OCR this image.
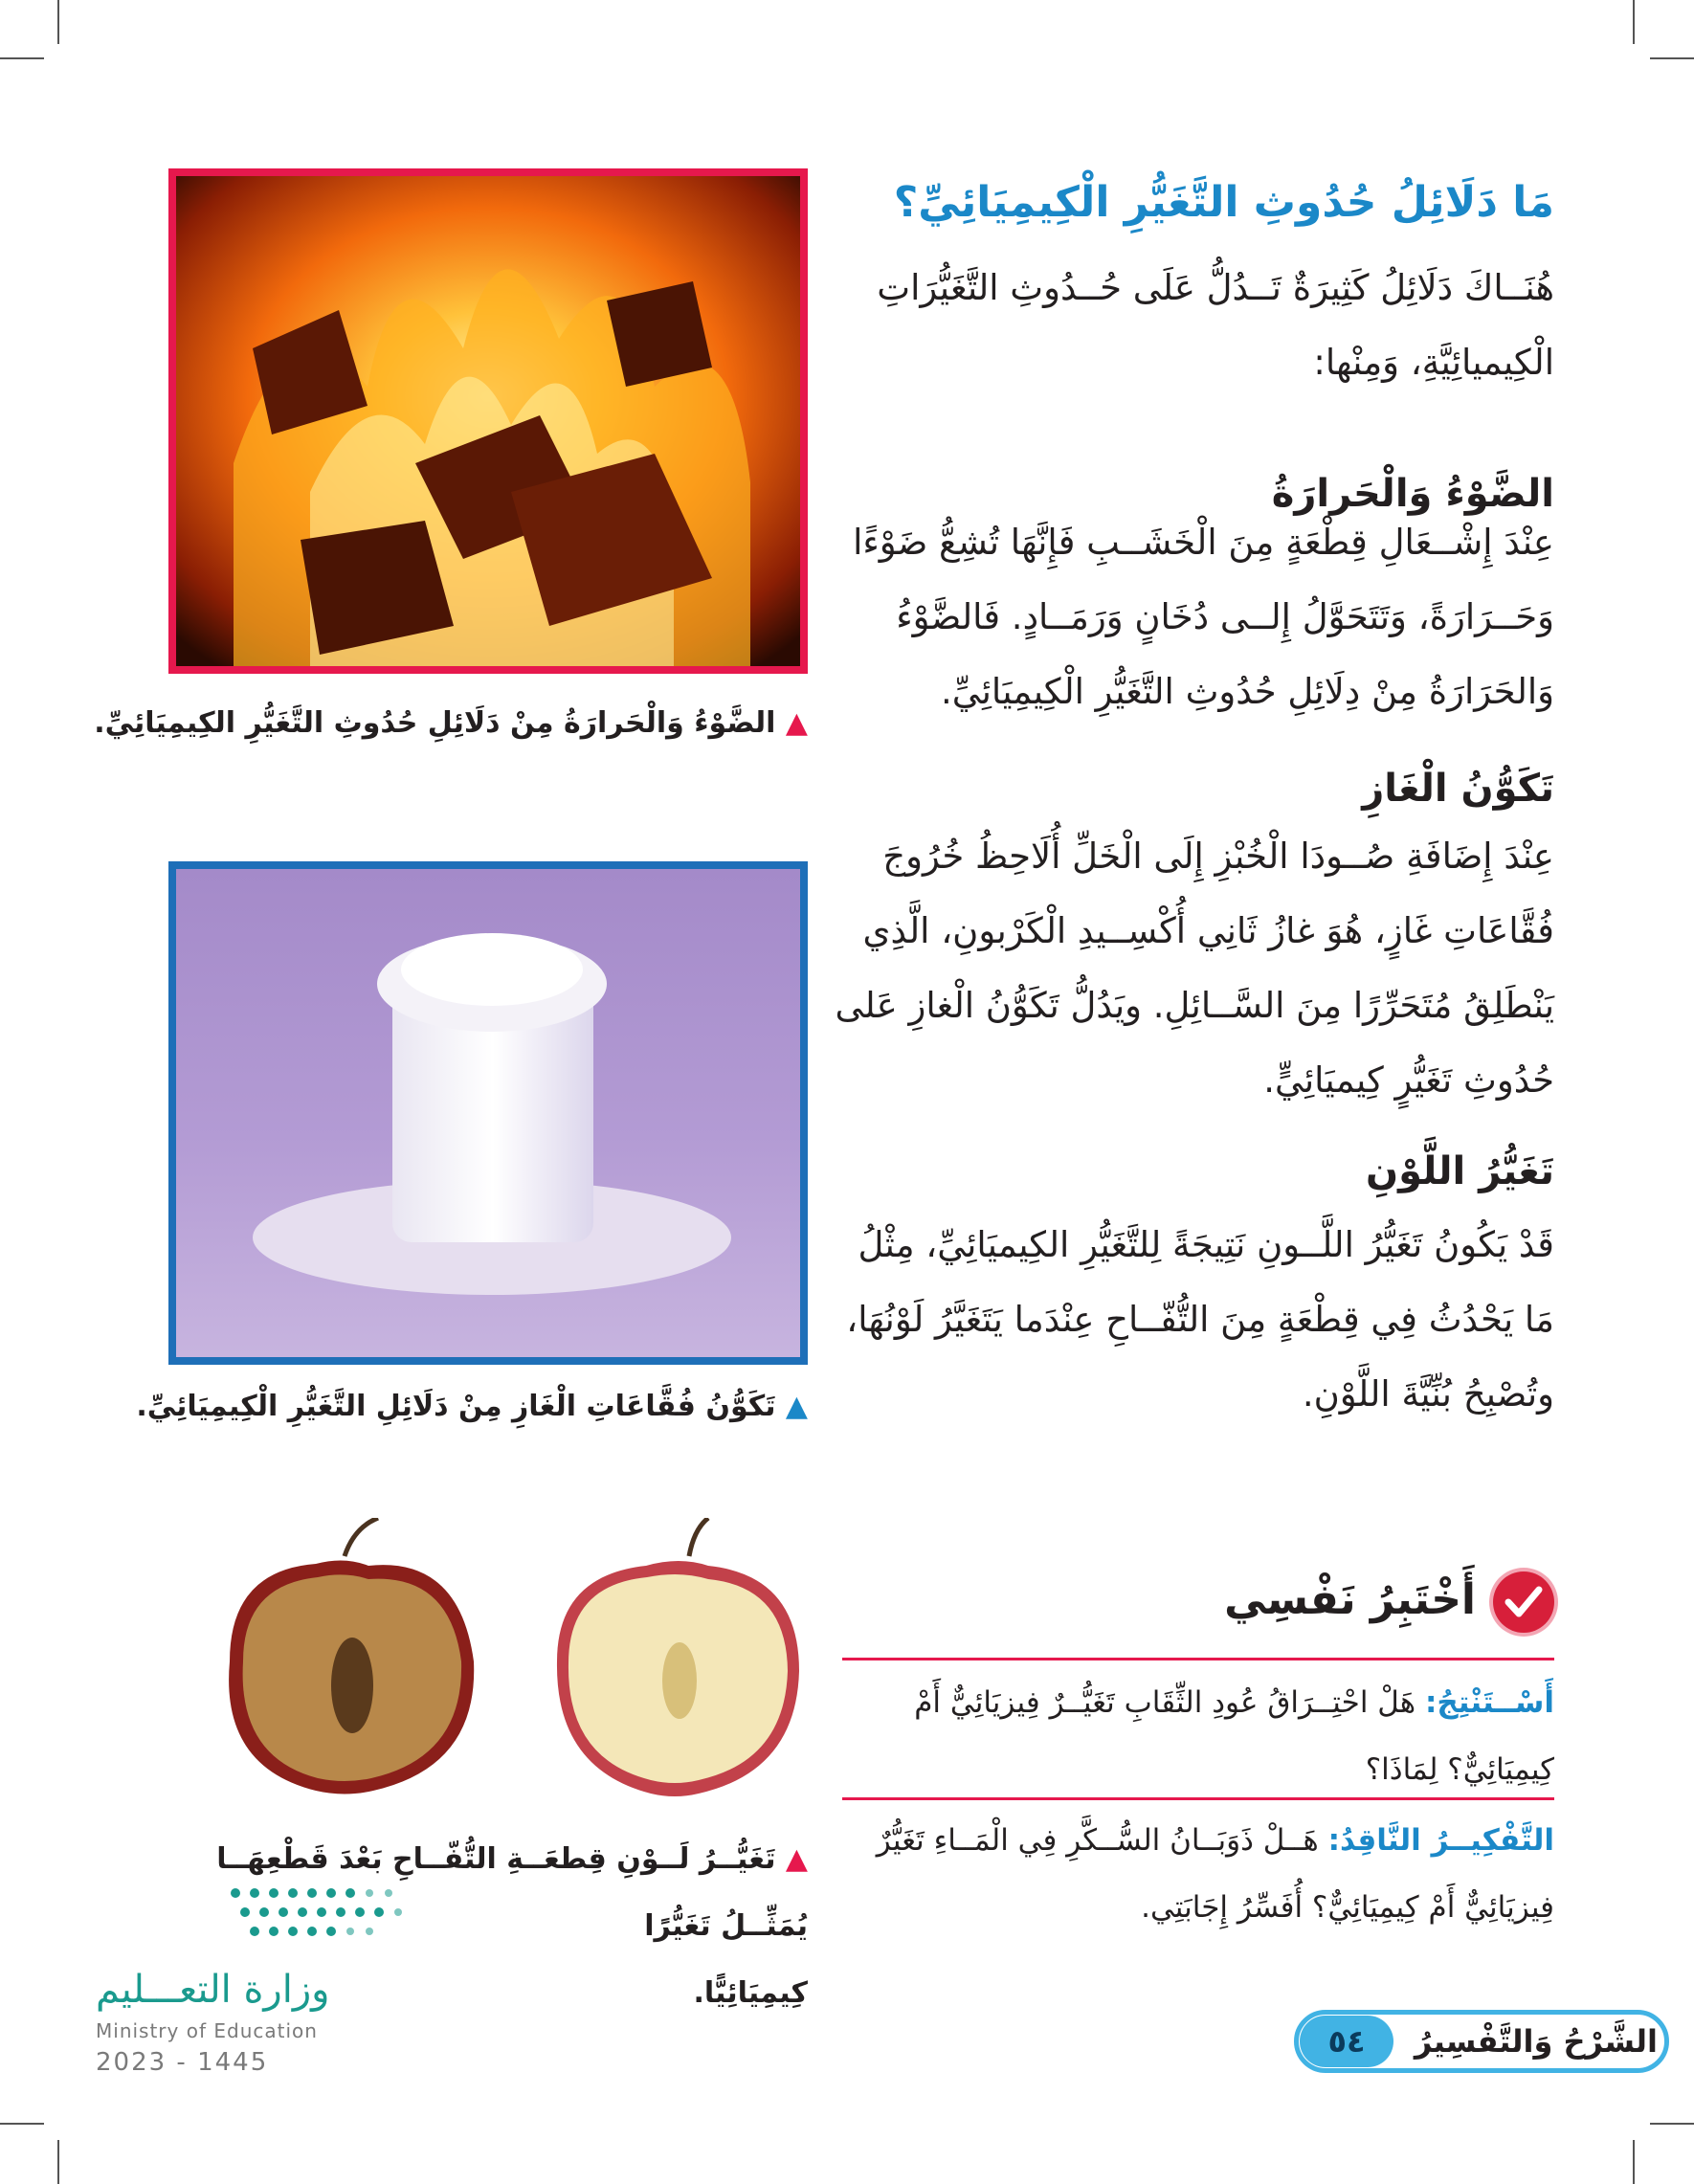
مَا دَلَائِلُ حُدُوثِ التَّغَيُّرِ الْكِيمِيَائِيِّ؟
هُنَــاكَ دَلَائِلُ كَثِيرَةٌ تَــدُلُّ عَلَى حُــدُوثِ التَّغَيُّرَاتِ
الْكِيميائِيَّةِ، وَمِنْها:
الضَّوْءُ وَالْحَرارَةُ
عِنْدَ إِشْــعَالِ قِطْعَةٍ مِنَ الْخَشَــبِ فَإِنَّهَا تُشِعُّ ضَوْءًا
وَحَــرَارَةً، وَتَتَحَوَّلُ إِلــى دُخَانٍ وَرَمَــادٍ. فَالضَّوْءُ
وَالحَرَارَةُ مِنْ دِلَائِلِ حُدُوثِ التَّغَيُّرِ الْكِيمِيَائِيِّ.
تَكَوُّنُ الْغَازِ
عِنْدَ إِضَافَةِ صُــودَا الْخُبْزِ إِلَى الْخَلِّ أُلَاحِظُ خُرُوجَ
فُقَّاعَاتِ غَازٍ، هُوَ غازُ ثَانِي أُكْسِــيدِ الْكَرْبونِ، الَّذِي
يَنْطَلِقُ مُتَحَرِّرًا مِنَ السَّــائِلِ. ويَدُلُّ تَكَوُّنُ الْغازِ عَلى
حُدُوثِ تَغَيُّرٍ كِيميَائِيٍّ.
تَغَيُّرُ اللَّوْنِ
قَدْ يَكُونُ تَغَيُّرُ اللَّــونِ نَتِيجَةً لِلتَّغَيُّرِ الكِيميَائِيِّ، مِثْلُ
مَا يَحْدُثُ فِي قِطْعَةٍ مِنَ التُّفّــاحِ عِنْدَما يَتَغَيَّرُ لَوْنُهَا،
وتُصْبِحُ بُنِّيَّةَ اللَّوْنِ.
▲ الضَّوْءُ وَالْحَرارَةُ مِنْ دَلَائِلِ حُدُوثِ التَّغَيُّرِ الكِيمِيَائِيِّ.
▲ تَكَوُّنُ فُقَّاعَاتِ الْغَازِ مِنْ دَلَائِلِ التَّغَيُّرِ الْكِيمِيَائِيِّ.
▲ تَغَيُّــرُ لَــوْنِ قِطعَــةِ التُّفّــاحِ بَعْدَ قَطْعِهَــا يُمَثِّــلُ تَغَيُّرًا
كِيمِيَائِيًّا.
أَخْتَبِرُ نَفْسِي
أَسْــتَنْتِجُ: هَلْ احْتِــرَاقُ عُودِ الثِّقَابِ تَغَيُّــرٌ فِيزيَائِيٌّ أَمْ
كِيمِيَائِيٌّ؟ لِمَاذَا؟
التَّفْكِيــرُ النَّاقِدُ: هَــلْ ذَوَبَــانُ السُّــكَّرِ فِي الْمَــاءِ تَغَيُّرٌ
فِيزيَائِيٌّ أَمْ كِيمِيَائِيٌّ؟ أُفَسِّرُ إِجَابَتِي.
وزارة التعـــليم
Ministry of Education
2023 - 1445
٥٤	الشَّرْحُ وَالتَّفْسِيرُ
